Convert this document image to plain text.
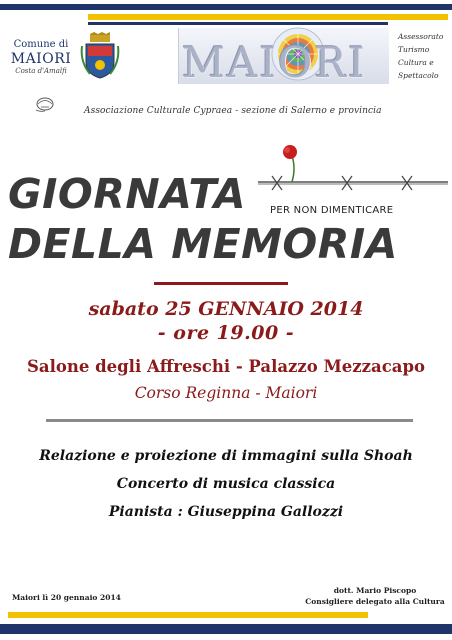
Comune di
MAIORI
Costa d'Amalfi	MAIORI
Assessorato
Turismo
Cultura e
Spettacolo
Associazione Culturale Cypraea - sezione di Salerno e provincia
GIORNATA
DELLA MEMORIA
PER NON DIMENTICARE
sabato 25 GENNAIO 2014
- ore 19.00 -
Salone degli Affreschi - Palazzo Mezzacapo
Corso Reginna - Maiori
Relazione e proiezione di immagini sulla Shoah
Concerto di musica classica
Pianista : Giuseppina Gallozzi
Maiori lì 20 gennaio 2014
dott. Mario Piscopo
Consigliere delegato alla Cultura
